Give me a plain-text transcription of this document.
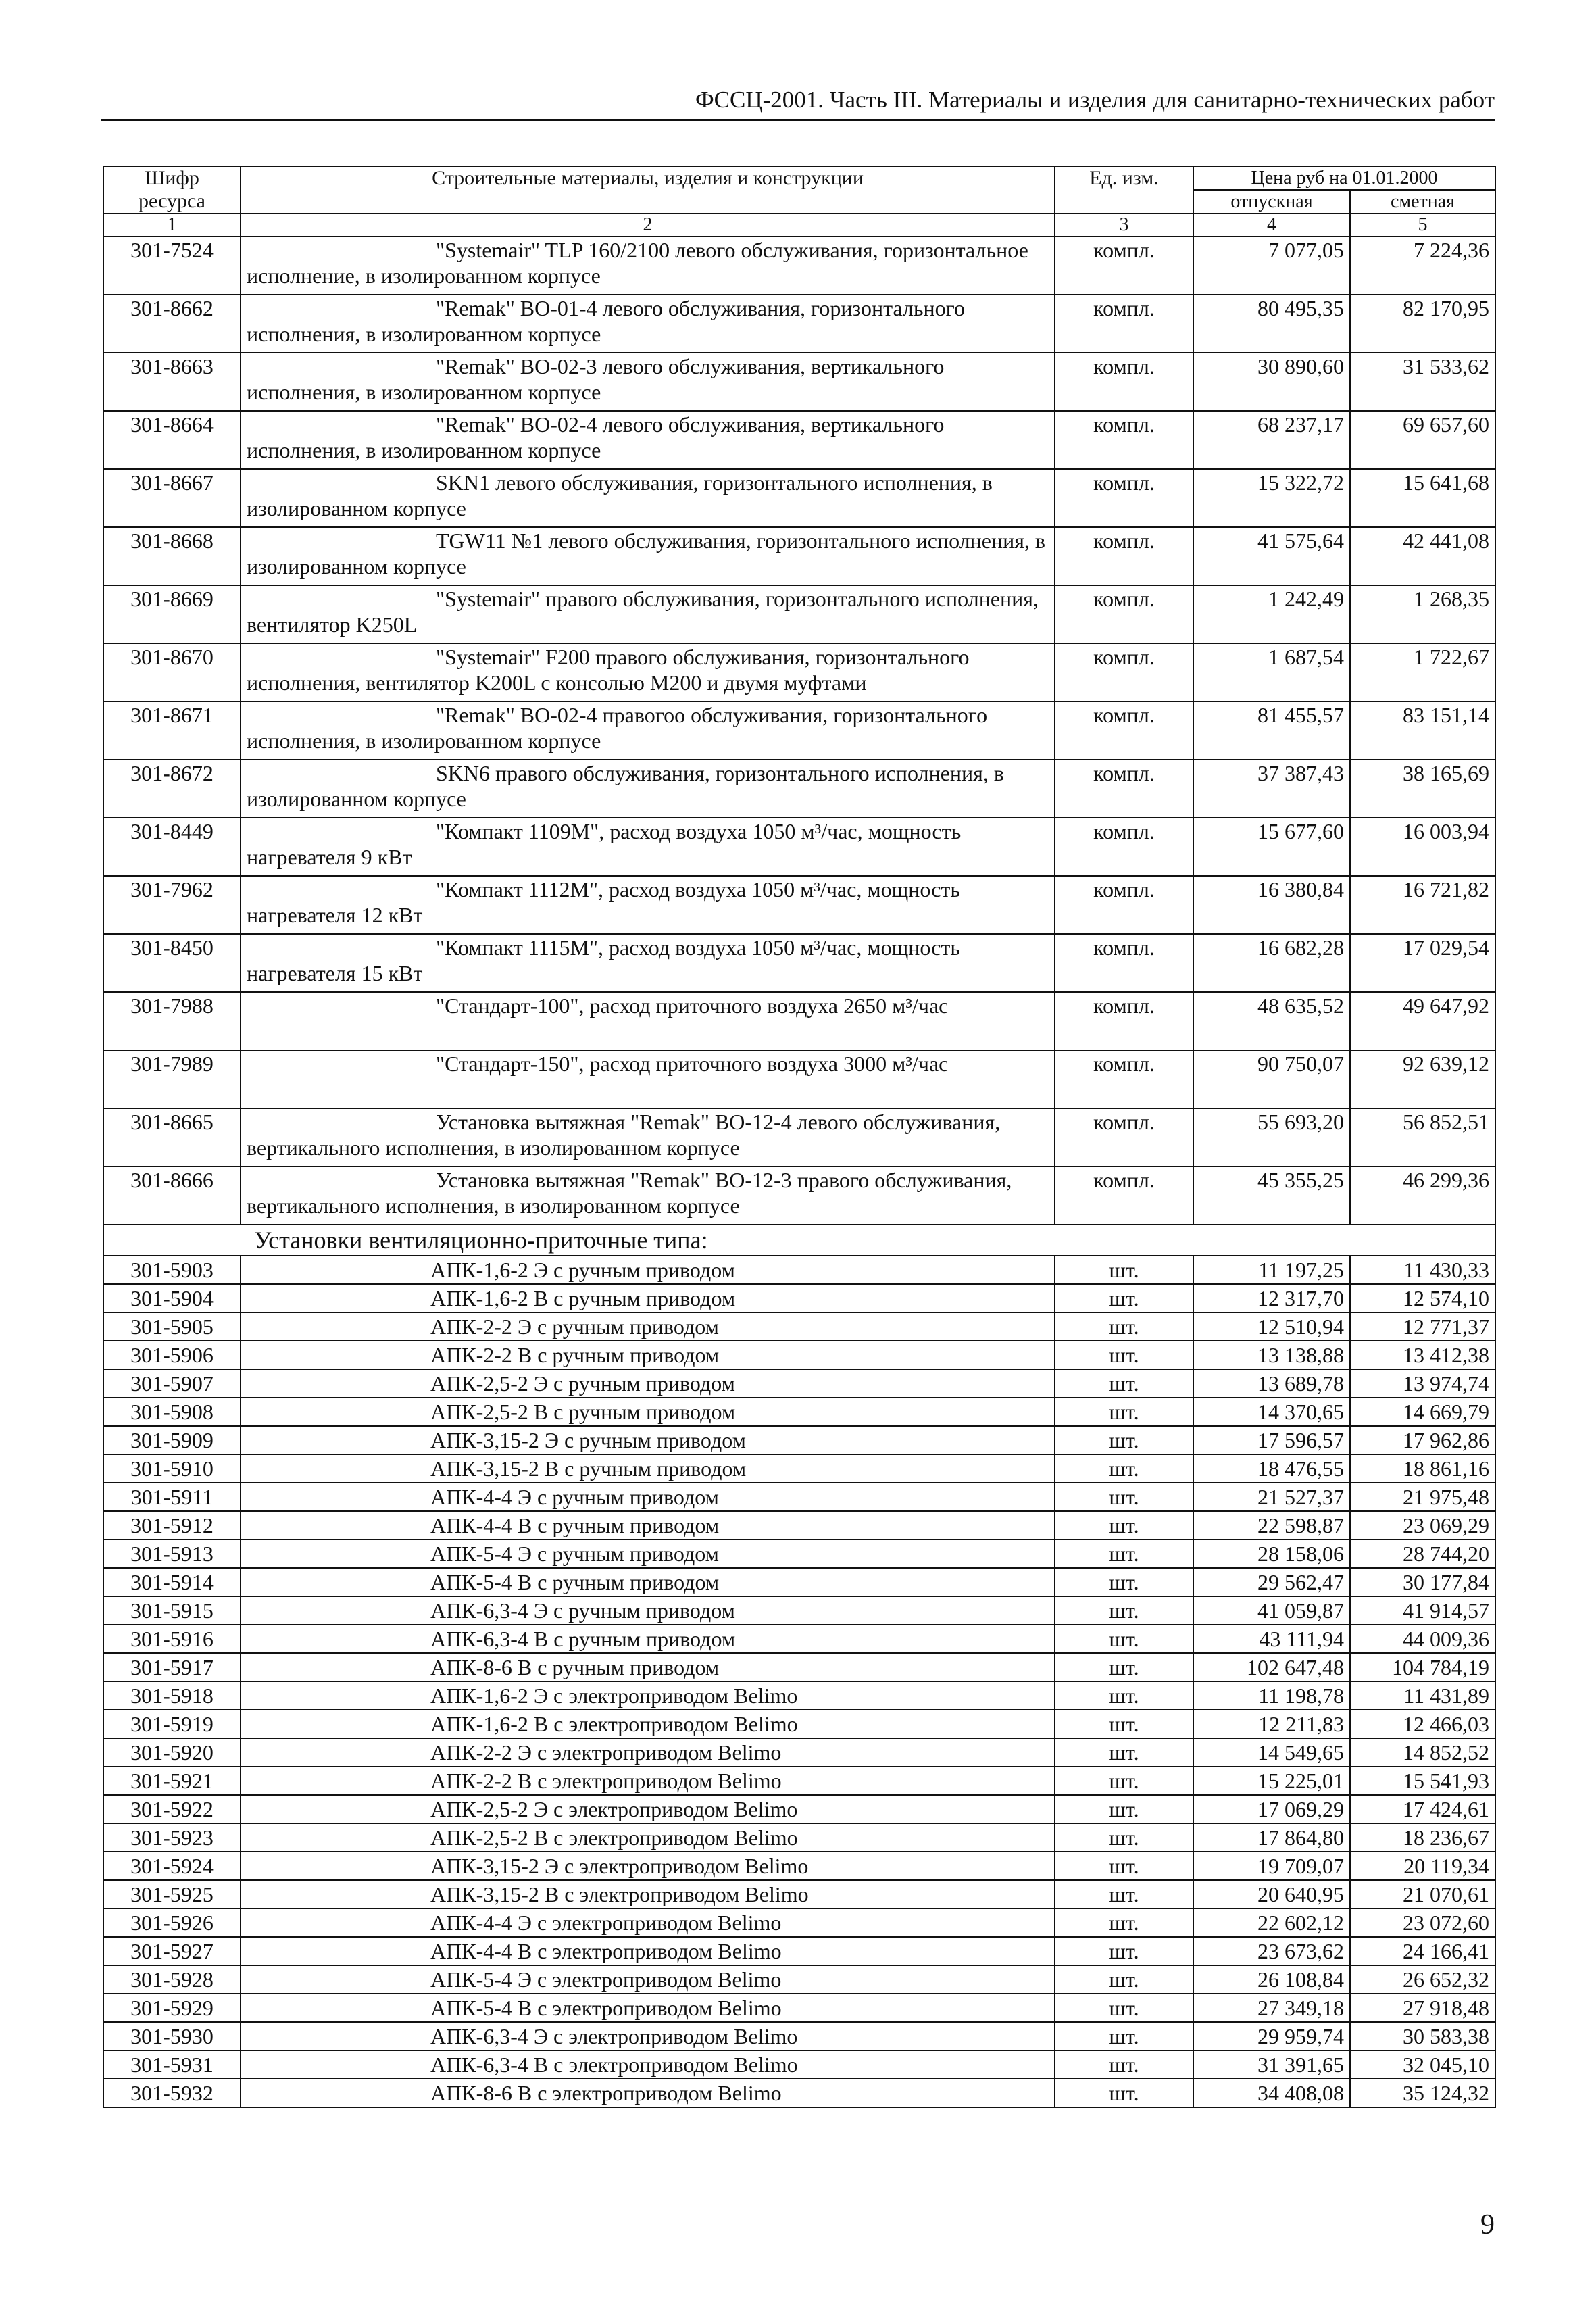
ФССЦ-2001. Часть III. Материалы и изделия для санитарно-технических работ
Шифр ресурса	Строительные материалы, изделия и конструкции	Ед. изм.	Цена руб на 01.01.2000	
			отпускная	сметная
1	2	3	4	5
301-7524	"Systemair" TLP 160/2100 левого обслуживания, горизонтальное исполнение, в изолированном корпусе	компл.	7 077,05	7 224,36
301-8662	"Remak" ВО-01-4 левого обслуживания, горизонтального исполнения, в изолированном корпусе	компл.	80 495,35	82 170,95
301-8663	"Remak" ВО-02-3 левого обслуживания, вертикального исполнения, в изолированном корпусе	компл.	30 890,60	31 533,62
301-8664	"Remak" ВО-02-4 левого обслуживания, вертикального исполнения, в изолированном корпусе	компл.	68 237,17	69 657,60
301-8667	SKN1 левого обслуживания, горизонтального исполнения, в изолированном корпусе	компл.	15 322,72	15 641,68
301-8668	TGW11 №1 левого обслуживания, горизонтального исполнения, в изолированном корпусе	компл.	41 575,64	42 441,08
301-8669	"Systemair" правого обслуживания, горизонтального исполнения, вентилятор K250L	компл.	1 242,49	1 268,35
301-8670	"Systemair" F200 правого обслуживания, горизонтального исполнения, вентилятор K200L с консолью M200 и двумя муфтами	компл.	1 687,54	1 722,67
301-8671	"Remak" ВО-02-4 правогоо обслуживания, горизонтального исполнения, в изолированном корпусе	компл.	81 455,57	83 151,14
301-8672	SKN6 правого обслуживания, горизонтального исполнения, в изолированном корпусе	компл.	37 387,43	38 165,69
301-8449	"Компакт 1109М", расход воздуха 1050 м³/час, мощность нагревателя 9 кВт	компл.	15 677,60	16 003,94
301-7962	"Компакт 1112М", расход воздуха 1050 м³/час, мощность нагревателя 12 кВт	компл.	16 380,84	16 721,82
301-8450	"Компакт 1115М", расход воздуха 1050 м³/час, мощность нагревателя 15 кВт	компл.	16 682,28	17 029,54
301-7988	"Стандарт-100", расход приточного воздуха 2650 м³/час	компл.	48 635,52	49 647,92
301-7989	"Стандарт-150", расход приточного воздуха 3000 м³/час	компл.	90 750,07	92 639,12
301-8665	Установка вытяжная "Remak" ВО-12-4 левого обслуживания, вертикального исполнения, в изолированном корпусе	компл.	55 693,20	56 852,51
301-8666	Установка вытяжная "Remak" ВО-12-3 правого обслуживания, вертикального исполнения, в изолированном корпусе	компл.	45 355,25	46 299,36
Установки вентиляционно-приточные типа:				
301-5903	АПК-1,6-2 Э с ручным приводом	шт.	11 197,25	11 430,33
301-5904	АПК-1,6-2 В с ручным приводом	шт.	12 317,70	12 574,10
301-5905	АПК-2-2 Э с ручным приводом	шт.	12 510,94	12 771,37
301-5906	АПК-2-2 В с ручным приводом	шт.	13 138,88	13 412,38
301-5907	АПК-2,5-2 Э с ручным приводом	шт.	13 689,78	13 974,74
301-5908	АПК-2,5-2 В с ручным приводом	шт.	14 370,65	14 669,79
301-5909	АПК-3,15-2 Э с ручным приводом	шт.	17 596,57	17 962,86
301-5910	АПК-3,15-2 В с ручным приводом	шт.	18 476,55	18 861,16
301-5911	АПК-4-4 Э с ручным приводом	шт.	21 527,37	21 975,48
301-5912	АПК-4-4 В с ручным приводом	шт.	22 598,87	23 069,29
301-5913	АПК-5-4 Э с ручным приводом	шт.	28 158,06	28 744,20
301-5914	АПК-5-4 В с ручным приводом	шт.	29 562,47	30 177,84
301-5915	АПК-6,3-4 Э с ручным приводом	шт.	41 059,87	41 914,57
301-5916	АПК-6,3-4 В с ручным приводом	шт.	43 111,94	44 009,36
301-5917	АПК-8-6 В с ручным приводом	шт.	102 647,48	104 784,19
301-5918	АПК-1,6-2 Э с электроприводом Belimo	шт.	11 198,78	11 431,89
301-5919	АПК-1,6-2 В с электроприводом Belimo	шт.	12 211,83	12 466,03
301-5920	АПК-2-2 Э с электроприводом Belimo	шт.	14 549,65	14 852,52
301-5921	АПК-2-2 В с электроприводом Belimo	шт.	15 225,01	15 541,93
301-5922	АПК-2,5-2 Э с электроприводом Belimo	шт.	17 069,29	17 424,61
301-5923	АПК-2,5-2 В с электроприводом Belimo	шт.	17 864,80	18 236,67
301-5924	АПК-3,15-2 Э с электроприводом Belimo	шт.	19 709,07	20 119,34
301-5925	АПК-3,15-2 В с электроприводом Belimo	шт.	20 640,95	21 070,61
301-5926	АПК-4-4 Э с электроприводом Belimo	шт.	22 602,12	23 072,60
301-5927	АПК-4-4 В с электроприводом Belimo	шт.	23 673,62	24 166,41
301-5928	АПК-5-4 Э с электроприводом Belimo	шт.	26 108,84	26 652,32
301-5929	АПК-5-4 В с электроприводом Belimo	шт.	27 349,18	27 918,48
301-5930	АПК-6,3-4 Э с электроприводом Belimo	шт.	29 959,74	30 583,38
301-5931	АПК-6,3-4 В с электроприводом Belimo	шт.	31 391,65	32 045,10
301-5932	АПК-8-6 В с электроприводом Belimo	шт.	34 408,08	35 124,32
9
